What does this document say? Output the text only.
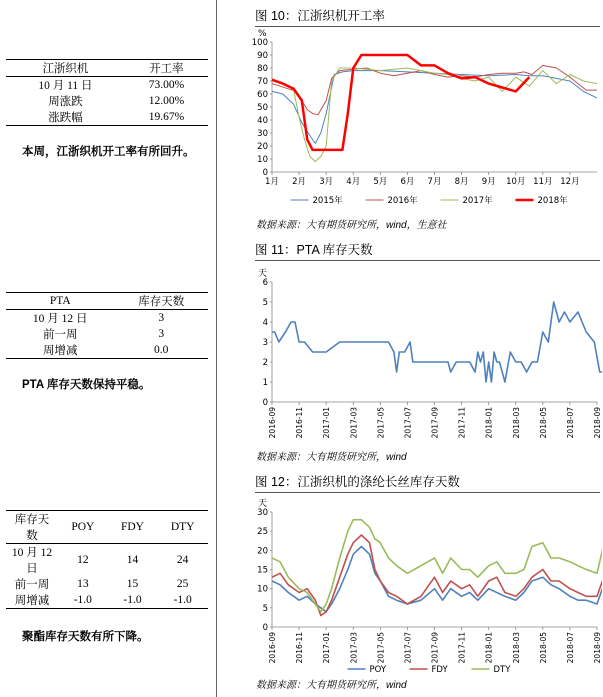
江浙织机	开工率
10 月 11 日	73.00%
周涨跌	12.00%
涨跌幅	19.67%
本周，江浙织机开工率有所回升。
PTA	库存天数
10 月 12 日	3
前一周	3
周增减	0.0
PTA 库存天数保持平稳。
库存天数	POY	FDY	DTY
10 月 12 日	12	14	24
前一周	13	15	25
周增减	-1.0	-1.0	-1.0
聚酯库存天数有所下降。
图 10：江浙织机开工率
%
0
10
20
30
40
50
60
70
80
90
100
1月 2月 3月 4月 5月 6月 7月 8月 9月 10月 11月 12月
2015年	2016年	2017年	2018年
数据来源：大有期货研究所，wind，生意社
图 11：PTA 库存天数
天
0
1
2
3
4
5
6
2016-09 2016-11 2017-01 2017-03 2017-05 2017-07 2017-09 2017-11 2018-01 2018-03 2018-05 2018-07 2018-09
数据来源：大有期货研究所，wind
图 12：江浙织机的涤纶长丝库存天数
天
0
5
10
15
20
25
30
2016-09 2016-11 2017-01 2017-03 2017-05 2017-07 2017-09 2017-11 2018-01 2018-03 2018-05 2018-07 2018-09
POY	FDY	DTY
数据来源：大有期货研究所，wind
